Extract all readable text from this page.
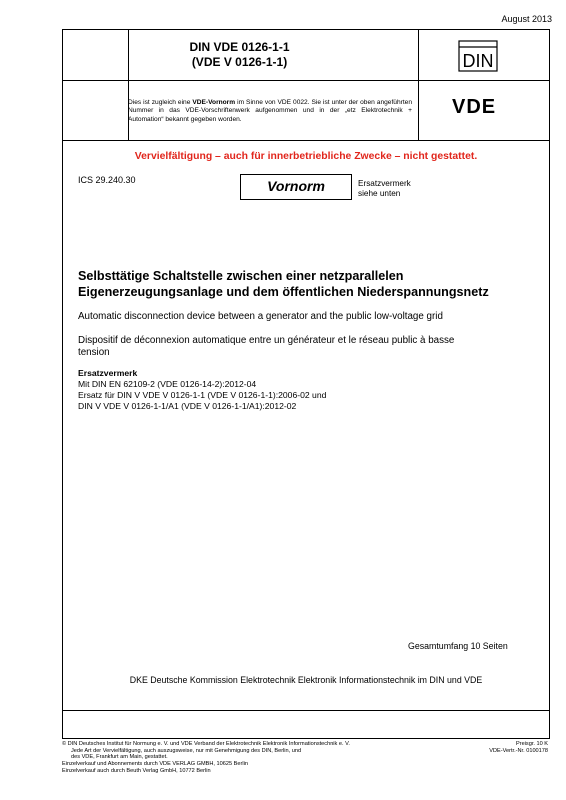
August 2013
DIN VDE 0126-1-1
(VDE V 0126-1-1)	DIN
VDE
Dies ist zugleich eine VDE-Vornorm im Sinne von VDE 0022. Sie ist unter der oben angeführten Nummer in das VDE-Vorschriftenwerk aufgenommen und in der „etz Elektrotechnik + Automation“ bekannt gegeben worden.
Vervielfältigung – auch für innerbetriebliche Zwecke – nicht gestattet.
ICS 29.240.30	Vornorm	Ersatzvermerk
siehe unten
Selbsttätige Schaltstelle zwischen einer netzparallelen
Eigenerzeugungsanlage und dem öffentlichen Niederspannungsnetz
Automatic disconnection device between a generator and the public low-voltage grid
Dispositif de déconnexion automatique entre un générateur et le réseau public à basse
tension
Ersatzvermerk
Mit DIN EN 62109-2 (VDE 0126-14-2):2012-04
Ersatz für DIN V VDE V 0126-1-1 (VDE V 0126-1-1):2006-02 und
DIN V VDE V 0126-1-1/A1 (VDE V 0126-1-1/A1):2012-02
Gesamtumfang 10 Seiten
DKE Deutsche Kommission Elektrotechnik Elektronik Informationstechnik im DIN und VDE
© DIN Deutsches Institut für Normung e. V. und VDE Verband der Elektrotechnik Elektronik Informationstechnik e. V.
Jede Art der Vervielfältigung, auch auszugsweise, nur mit Genehmigung des DIN, Berlin, und
des VDE, Frankfurt am Main, gestattet.
Einzelverkauf und Abonnements durch VDE VERLAG GMBH, 10625 Berlin
Einzelverkauf auch durch Beuth Verlag GmbH, 10772 Berlin
Preisgr. 10 K
VDE-Vertr.-Nr. 0100178
